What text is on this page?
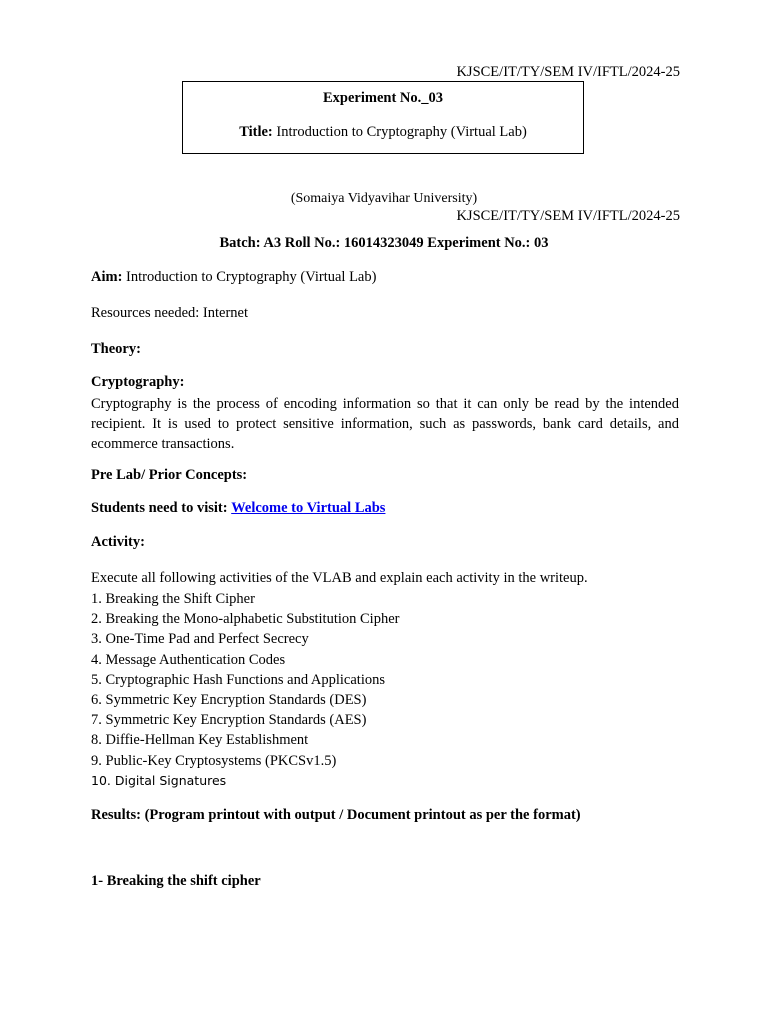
KJSCE/IT/TY/SEM IV/IFTL/2024-25
Experiment No._03
Title: Introduction to Cryptography (Virtual Lab)
(Somaiya Vidyavihar University)
KJSCE/IT/TY/SEM IV/IFTL/2024-25
Batch: A3 Roll No.: 16014323049 Experiment No.: 03
Aim: Introduction to Cryptography (Virtual Lab)
Resources needed: Internet
Theory:
Cryptography:
Cryptography is the process of encoding information so that it can only be read by the intended recipient. It is used to protect sensitive information, such as passwords, bank card details, and ecommerce transactions.
Pre Lab/ Prior Concepts:
Students need to visit: Welcome to Virtual Labs
Activity:
Execute all following activities of the VLAB and explain each activity in the writeup.
1. Breaking the Shift Cipher
2. Breaking the Mono-alphabetic Substitution Cipher
3. One-Time Pad and Perfect Secrecy
4. Message Authentication Codes
5. Cryptographic Hash Functions and Applications
6. Symmetric Key Encryption Standards (DES)
7. Symmetric Key Encryption Standards (AES)
8. Diffie-Hellman Key Establishment
9. Public-Key Cryptosystems (PKCSv1.5)
10. Digital Signatures
Results: (Program printout with output / Document printout as per the format)
1- Breaking the shift cipher
